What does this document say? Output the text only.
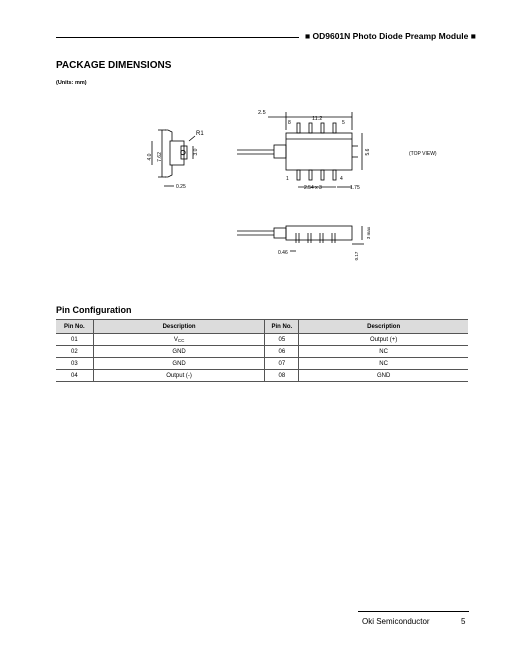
■ OD9601N Photo Diode Preamp Module ■
PACKAGE DIMENSIONS
(Units: mm)
R1
7.62
4.0
3.0
0.25
2.5
11.2
5.6
2.54 x 3	1.75
(TOP VIEW)
8	5
1	4
0.46	0.17
3 max
Pin Configuration
Pin No.	Description	Pin No.	Description
01	$V_{CC}$	05	Output (+)
02	GND	06	NC
03	GND	07	NC
04	Output (-)	08	GND
Oki Semiconductor	5
